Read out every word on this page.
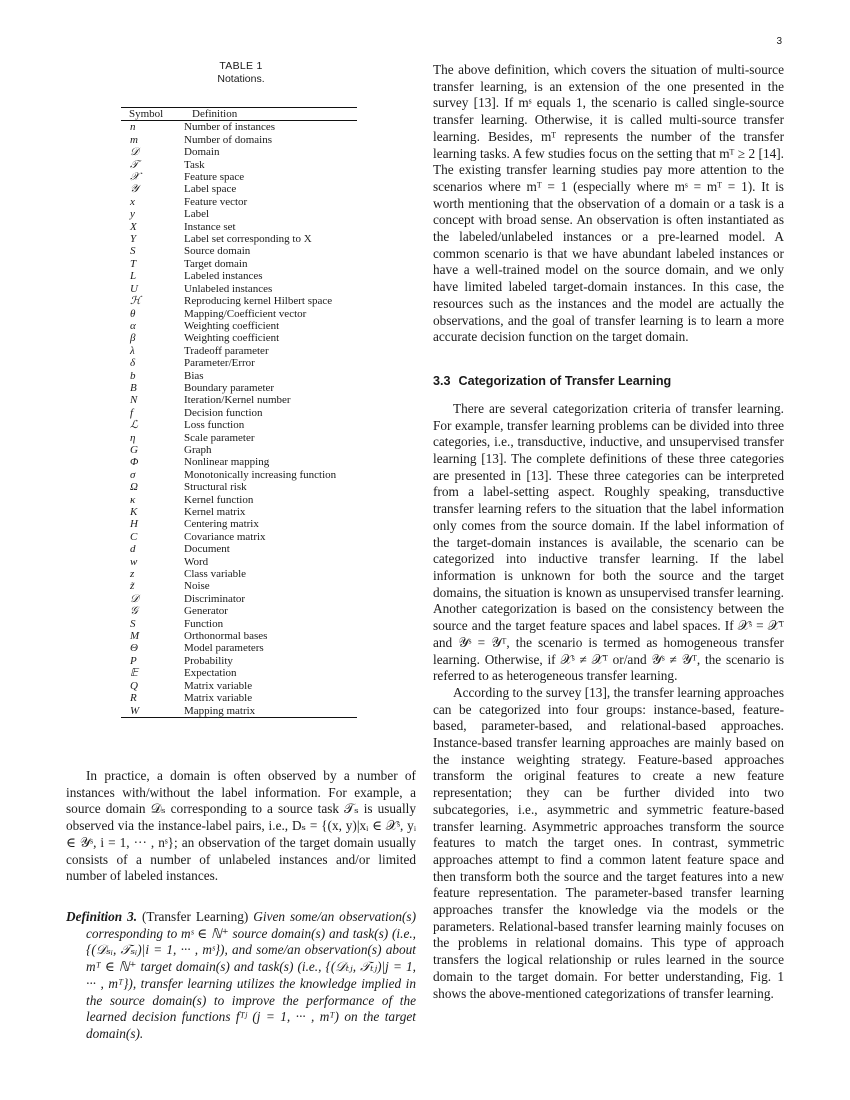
3
TABLE 1
Notations.
Symbol	Definition
n	Number of instances
m	Number of domains
𝒟	Domain
𝒯	Task
𝒳	Feature space
𝒴	Label space
x	Feature vector
y	Label
X	Instance set
Y	Label set corresponding to X
S	Source domain
T	Target domain
L	Labeled instances
U	Unlabeled instances
ℋ	Reproducing kernel Hilbert space
θ	Mapping/Coefficient vector
α	Weighting coefficient
β	Weighting coefficient
λ	Tradeoff parameter
δ	Parameter/Error
b	Bias
B	Boundary parameter
N	Iteration/Kernel number
f	Decision function
ℒ	Loss function
η	Scale parameter
G	Graph
Φ	Nonlinear mapping
σ	Monotonically increasing function
Ω	Structural risk
κ	Kernel function
K	Kernel matrix
H	Centering matrix
C	Covariance matrix
d	Document
w	Word
z	Class variable
z̃	Noise
𝒟	Discriminator
𝒢	Generator
S	Function
M	Orthonormal bases
Θ	Model parameters
P	Probability
𝔼	Expectation
Q	Matrix variable
R	Matrix variable
W	Mapping matrix

In practice, a domain is often observed by a number of instances with/without the label information. For example, a source domain 𝒟ₛ corresponding to a source task 𝒯ₛ is usually observed via the instance-label pairs, i.e., Dₛ = {(x, y)|xᵢ ∈ 𝒳ˢ, yᵢ ∈ 𝒴ˢ, i = 1, ··· , nˢ}; an observation of the target domain usually consists of a number of unlabeled instances and/or limited number of labeled instances.

Definition 3. (Transfer Learning) Given some/an observation(s) corresponding to mˢ ∈ ℕ⁺ source domain(s) and task(s) (i.e., {(𝒟ₛᵢ, 𝒯ₛᵢ)|i = 1, ··· , mˢ}), and some/an observation(s) about mᵀ ∈ ℕ⁺ target domain(s) and task(s) (i.e., {(𝒟ₜⱼ, 𝒯ₜⱼ)|j = 1, ··· , mᵀ}), transfer learning utilizes the knowledge implied in the source domain(s) to improve the performance of the learned decision functions fᵀʲ (j = 1, ··· , mᵀ) on the target domain(s).

The above definition, which covers the situation of multi-source transfer learning, is an extension of the one presented in the survey [13]. If mˢ equals 1, the scenario is called single-source transfer learning. Otherwise, it is called multi-source transfer learning. Besides, mᵀ represents the number of the transfer learning tasks. A few studies focus on the setting that mᵀ ≥ 2 [14]. The existing transfer learning studies pay more attention to the scenarios where mᵀ = 1 (especially where mˢ = mᵀ = 1). It is worth mentioning that the observation of a domain or a task is a concept with broad sense. An observation is often instantiated as the labeled/unlabeled instances or a pre-learned model. A common scenario is that we have abundant labeled instances or have a well-trained model on the source domain, and we only have limited labeled target-domain instances. In this case, the resources such as the instances and the model are actually the observations, and the goal of transfer learning is to learn a more accurate decision function on the target domain.

3.3 Categorization of Transfer Learning

There are several categorization criteria of transfer learning. For example, transfer learning problems can be divided into three categories, i.e., transductive, inductive, and unsupervised transfer learning [13]. The complete definitions of these three categories are presented in [13]. These three categories can be interpreted from a label-setting aspect. Roughly speaking, transductive transfer learning refers to the situation that the label information only comes from the source domain. If the label information of the target-domain instances is available, the scenario can be categorized into inductive transfer learning. If the label information is unknown for both the source and the target domains, the situation is known as unsupervised transfer learning. Another categorization is based on the consistency between the source and the target feature spaces and label spaces. If 𝒳ˢ = 𝒳ᵀ and 𝒴ˢ = 𝒴ᵀ, the scenario is termed as homogeneous transfer learning. Otherwise, if 𝒳ˢ ≠ 𝒳ᵀ or/and 𝒴ˢ ≠ 𝒴ᵀ, the scenario is referred to as heterogeneous transfer learning.

According to the survey [13], the transfer learning approaches can be categorized into four groups: instance-based, feature-based, parameter-based, and relational-based approaches. Instance-based transfer learning approaches are mainly based on the instance weighting strategy. Feature-based approaches transform the original features to create a new feature representation; they can be further divided into two subcategories, i.e., asymmetric and symmetric feature-based transfer learning. Asymmetric approaches transform the source features to match the target ones. In contrast, symmetric approaches attempt to find a common latent feature space and then transform both the source and the target features into a new feature representation. The parameter-based transfer learning approaches transfer the knowledge via the models or the parameters. Relational-based transfer learning mainly focuses on the problems in relational domains. This type of approach transfers the logical relationship or rules learned in the source domain to the target domain. For better understanding, Fig. 1 shows the above-mentioned categorizations of transfer learning.
